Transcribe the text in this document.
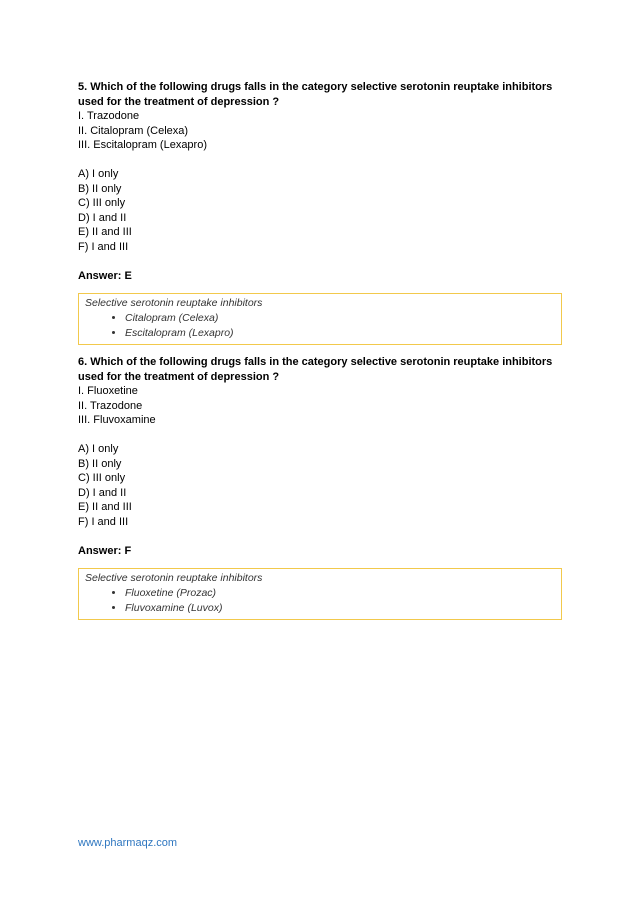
5. Which of the following drugs falls in the category selective serotonin reuptake inhibitors used for the treatment of depression ?

I. Trazodone

II. Citalopram (Celexa)

III. Escitalopram (Lexapro)

A) I only

B) II only

C) III only

D) I and II

E) II and III

F) I and III

Answer: E

Selective serotonin reuptake inhibitors
• Citalopram (Celexa)
• Escitalopram (Lexapro)

6. Which of the following drugs falls in the category selective serotonin reuptake inhibitors used for the treatment of depression ?

I. Fluoxetine

II. Trazodone

III. Fluvoxamine

A) I only

B) II only

C) III only

D) I and II

E) II and III

F) I and III

Answer: F

Selective serotonin reuptake inhibitors
• Fluoxetine (Prozac)
• Fluvoxamine (Luvox)
www.pharmaqz.com
